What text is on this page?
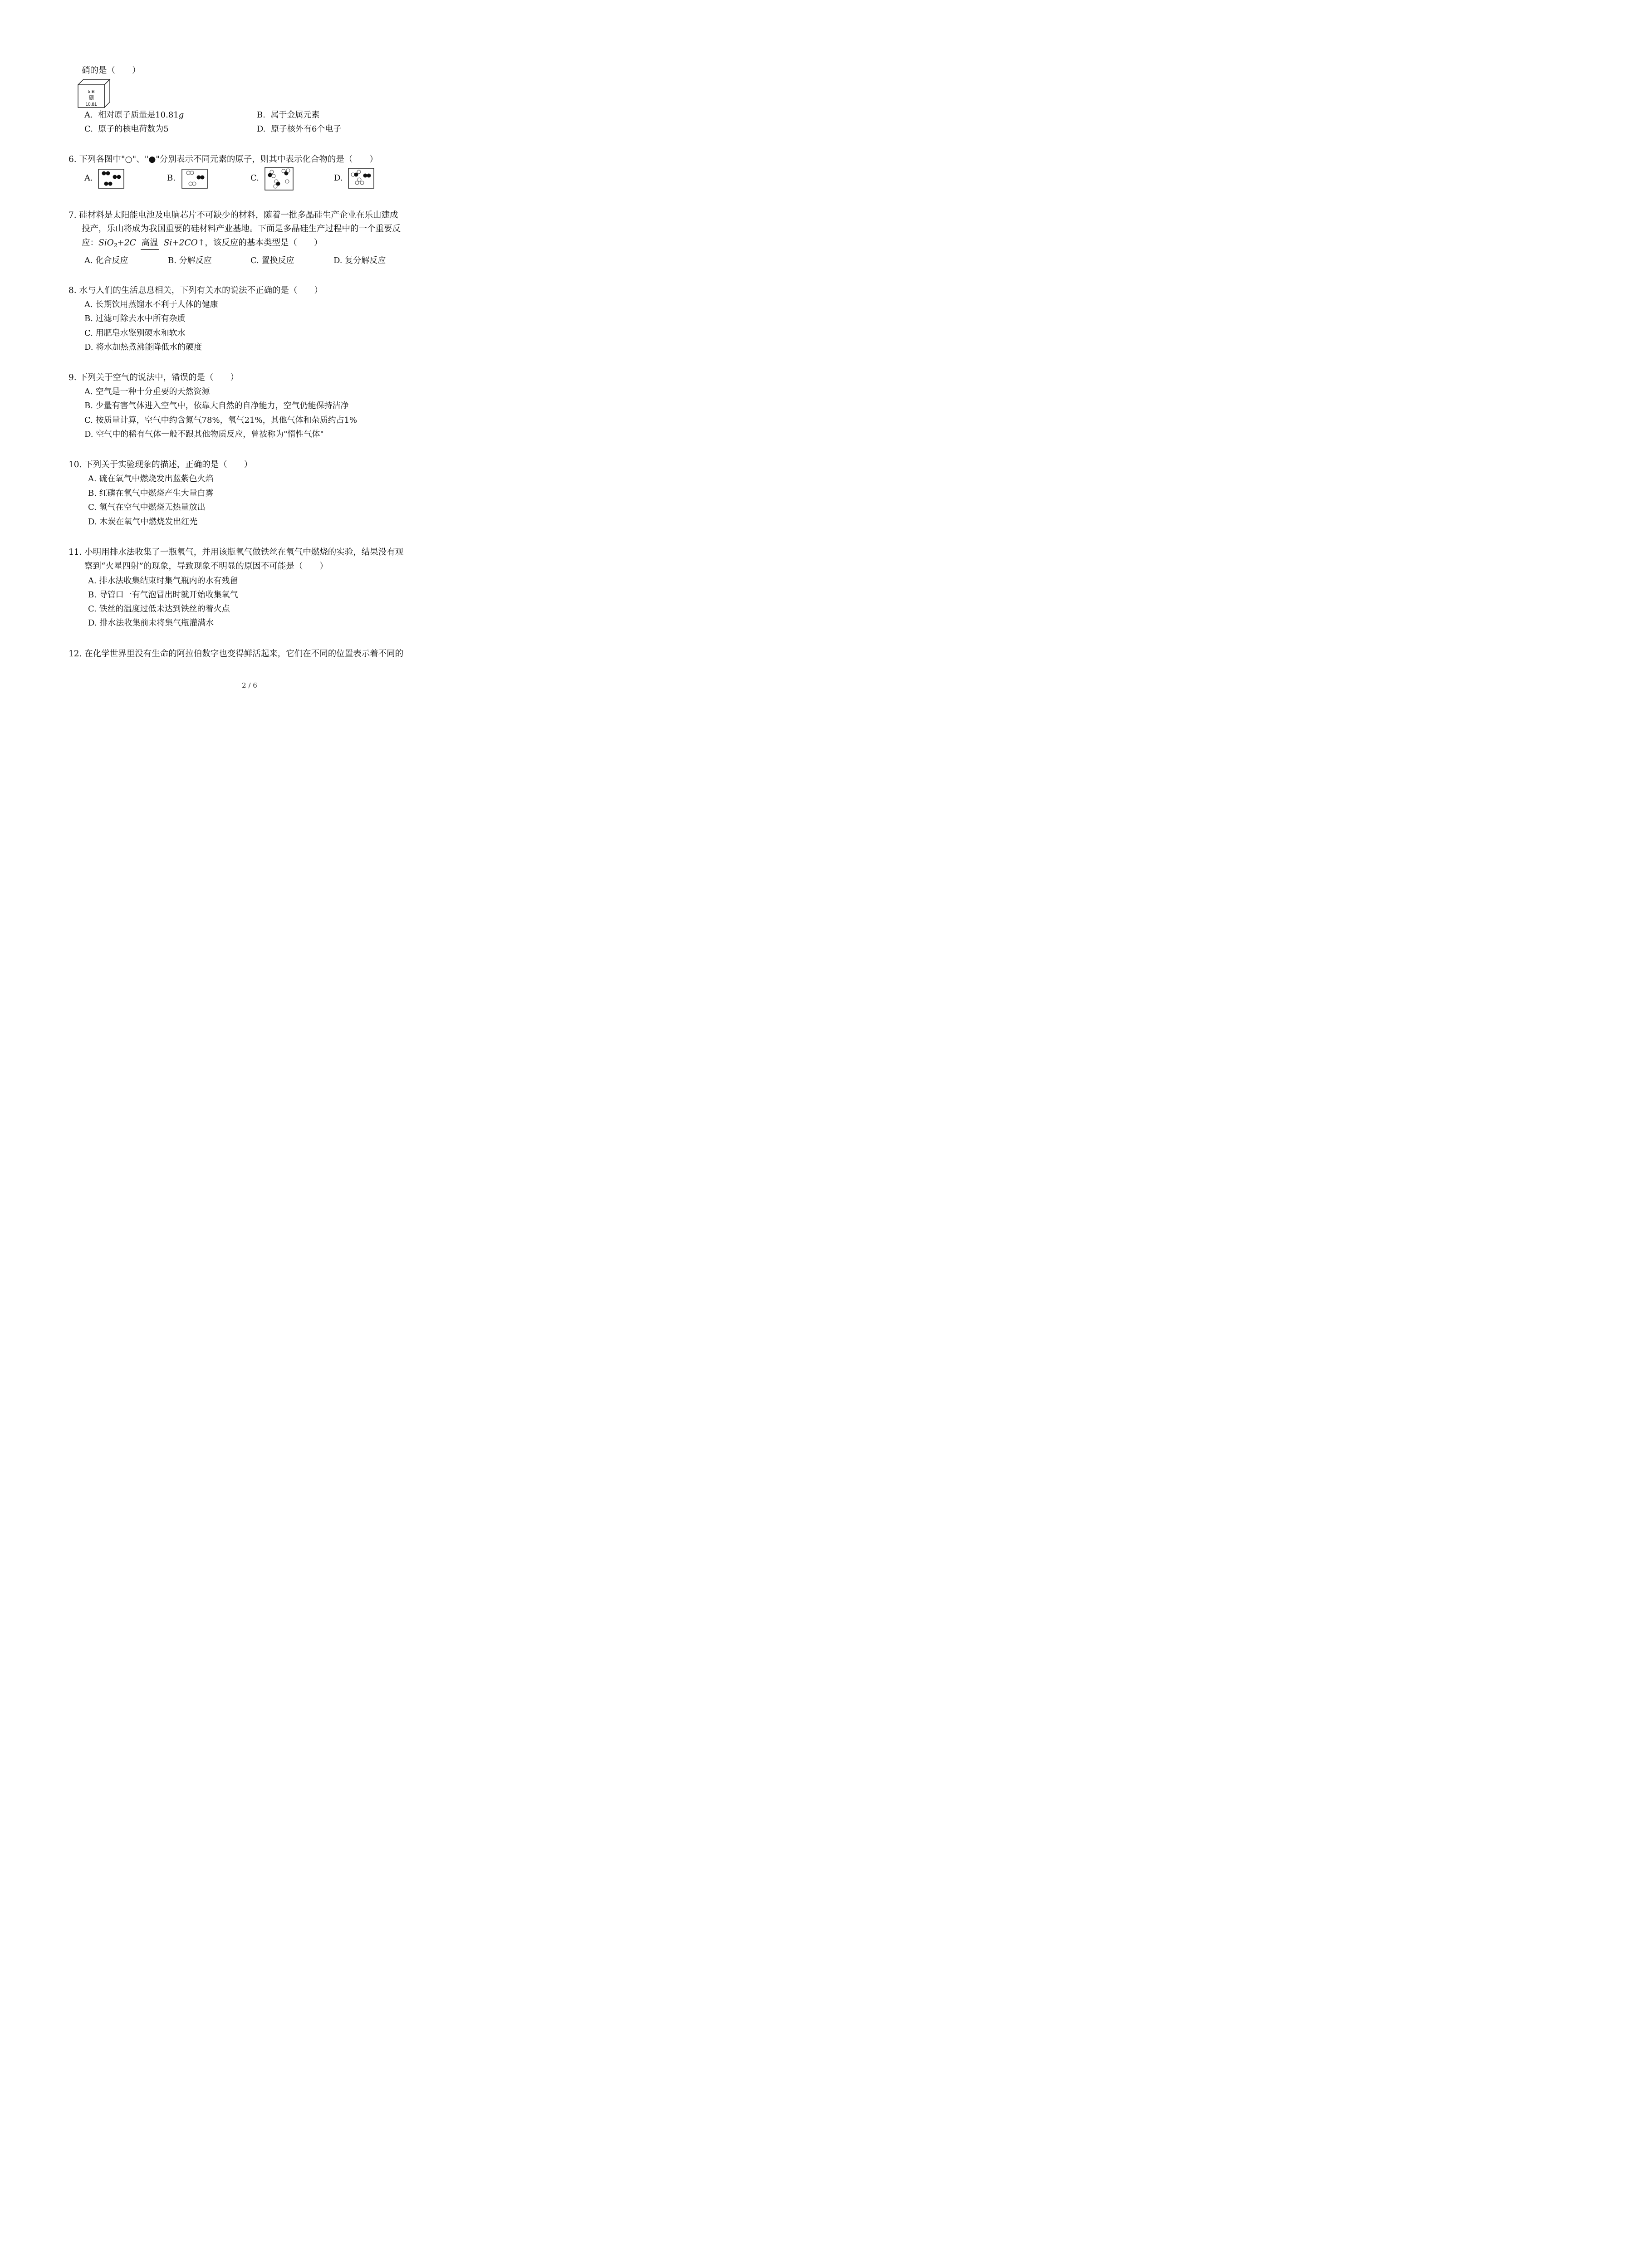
硝的是（　　）
5 B
硼
10.81
A. 相对原子质量是10.81g	B. 属于金属元素
C. 原子的核电荷数为5	D. 原子核外有6个电子
6. 下列各图中"○"、"●"分别表示不同元素的原子，则其中表示化合物的是（　　）
A.	B.	C.	D.
7. 硅材料是太阳能电池及电脑芯片不可缺少的材料，随着一批多晶硅生产企业在乐山建成
投产，乐山将成为我国重要的硅材料产业基地。下面是多晶硅生产过程中的一个重要反
应：SiO$_2$+2C 高温 Si+2CO↑，该反应的基本类型是（　　）
A. 化合反应	B. 分解反应	C. 置换反应	D. 复分解反应
8. 水与人们的生活息息相关，下列有关水的说法不正确的是（　　）
A. 长期饮用蒸馏水不利于人体的健康
B. 过滤可除去水中所有杂质
C. 用肥皂水鉴别硬水和软水
D. 将水加热煮沸能降低水的硬度
9. 下列关于空气的说法中，错误的是（　　）
A. 空气是一种十分重要的天然资源
B. 少量有害气体进入空气中，依靠大自然的自净能力，空气仍能保持洁净
C. 按质量计算，空气中约含氮气78%，氧气21%，其他气体和杂质约占1%
D. 空气中的稀有气体一般不跟其他物质反应，曾被称为"惰性气体"
10. 下列关于实验现象的描述，正确的是（　　）
A. 硫在氧气中燃烧发出蓝紫色火焰
B. 红磷在氧气中燃烧产生大量白雾
C. 氢气在空气中燃烧无热量放出
D. 木炭在氧气中燃烧发出红光
11. 小明用排水法收集了一瓶氧气，并用该瓶氧气做铁丝在氧气中燃烧的实验，结果没有观
察到“火星四射”的现象，导致现象不明显的原因不可能是（　　）
A. 排水法收集结束时集气瓶内的水有残留
B. 导管口一有气泡冒出时就开始收集氧气
C. 铁丝的温度过低未达到铁丝的着火点
D. 排水法收集前未将集气瓶灌满水
12. 在化学世界里没有生命的阿拉伯数字也变得鲜活起来，它们在不同的位置表示着不同的
2 / 6
